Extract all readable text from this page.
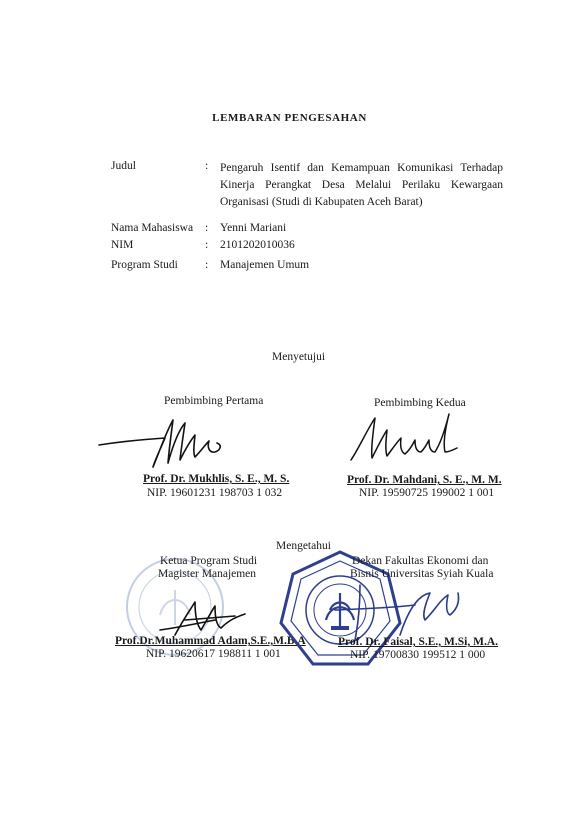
LEMBARAN PENGESAHAN
Judul	: Pengaruh Isentif dan Kemampuan Komunikasi Terhadap Kinerja Perangkat Desa Melalui Perilaku Kewargaan Organisasi (Studi di Kabupaten Aceh Barat)
Nama Mahasiswa : Yenni Mariani
NIM	: 2101202010036
Program Studi : Manajemen Umum
Menyetujui
Pembimbing Pertama	Pembimbing Kedua
Prof. Dr. Mukhlis, S. E., M. S.
NIP. 19601231 198703 1 032
Prof. Dr. Mahdani, S. E., M. M.
NIP. 19590725 199002 1 001
Mengetahui
Ketua Program Studi
Magister Manajemen
Prof.Dr.Muhammad Adam,S.E.,M.B.A
NIP. 19620617 198811 1 001
Dekan Fakultas Ekonomi dan
Bisnis Universitas Syiah Kuala
Prof. Dr. Faisal, S.E., M.Si, M.A.
NIP. 19700830 199512 1 000
